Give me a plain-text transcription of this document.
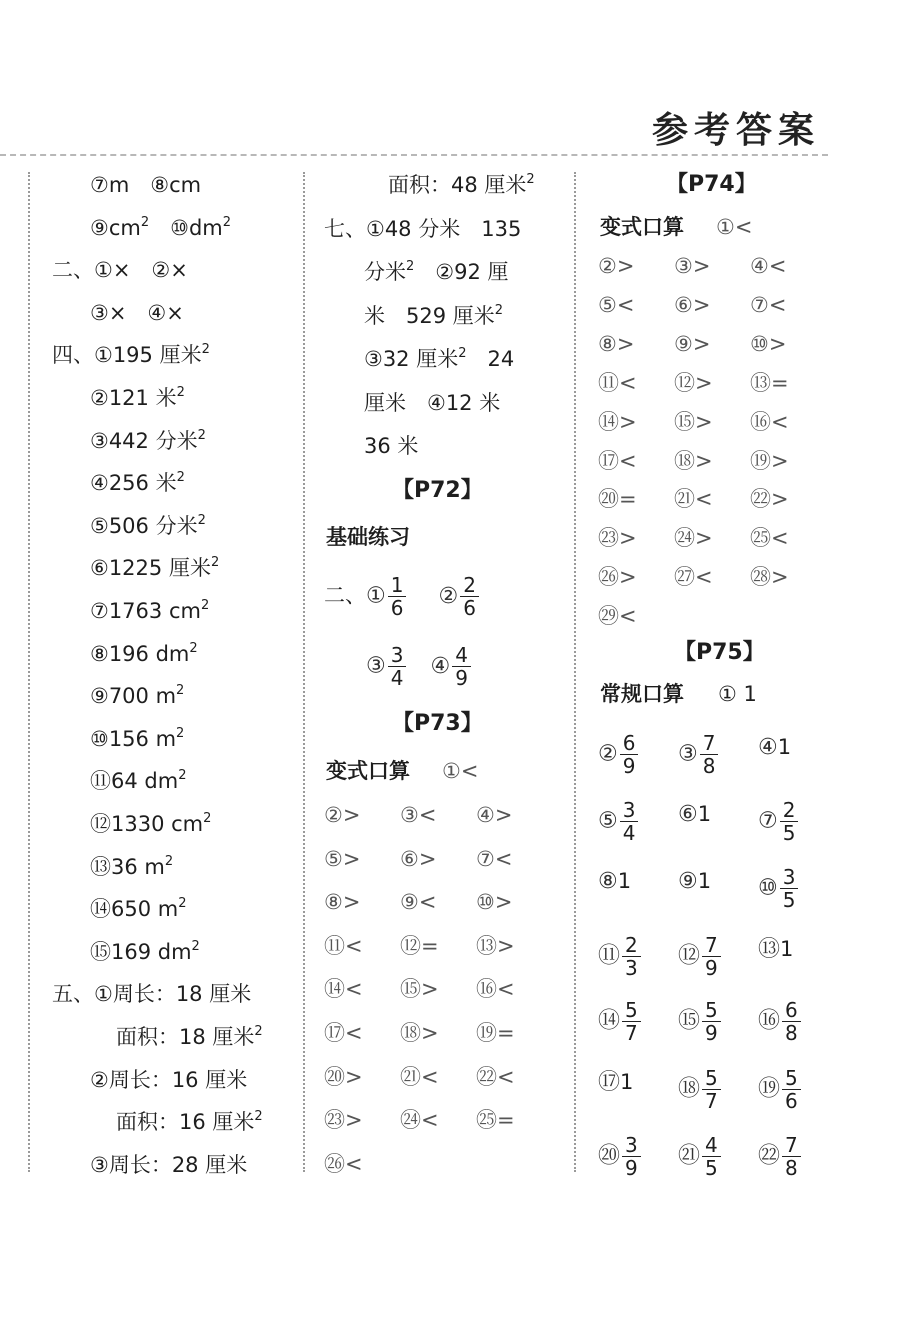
参考答案
⑦m　⑧cm
$⑨cm^2$　$⑩dm^2$
二、①×　②×
③×　④×
四、①195 厘米$^2$
②121 米$^2$
③442 分米$^2$
④256 米$^2$
⑤506 分米$^2$
⑥1225 厘米$^2$
⑦1763 $cm^2$
⑧196 $dm^2$
⑨700 $m^2$
⑩156 $m^2$
⑪64 $dm^2$
⑫1330 $cm^2$
⑬36 $m^2$
⑭650 $m^2$
⑮169 $dm^2$
五、①周长：18 厘米
面积：18 厘米$^2$
②周长：16 厘米
面积：16 厘米$^2$
③周长：28 厘米
面积：48 厘米$^2$
七、①48 分米　135
分米$^2$　②92 厘
米　529 厘米$^2$
③32 厘米$^2$　24
厘米　④12 米
36 米
【P72】
基础练习
二、① $\frac{1}{6}$ ② $\frac{2}{6}$
③ $\frac{3}{4}$ ④ $\frac{4}{9}$
【P73】
变式口算 ①<
②> ③< ④>
⑤> ⑥> ⑦<
⑧> ⑨< ⑩>
⑪< ⑫= ⑬>
⑭< ⑮> ⑯<
⑰< ⑱> ⑲=
⑳> ㉑< ㉒<
㉓> ㉔< ㉕=
㉖<
【P74】
变式口算 ①<
②> ③> ④<
⑤< ⑥> ⑦<
⑧> ⑨> ⑩>
⑪< ⑫> ⑬=
⑭> ⑮> ⑯<
⑰< ⑱> ⑲>
⑳= ㉑< ㉒>
㉓> ㉔> ㉕<
㉖> ㉗< ㉘>
㉙<
【P75】
常规口算 ① 1
② $\frac{6}{9}$ ③ $\frac{7}{8}$ ④1
⑤ $\frac{3}{4}$ ⑥1 ⑦ $\frac{2}{5}$
⑧1 ⑨1 ⑩ $\frac{3}{5}$
⑪ $\frac{2}{3}$ ⑫ $\frac{7}{9}$ ⑬1
⑭ $\frac{5}{7}$ ⑮ $\frac{5}{9}$ ⑯ $\frac{6}{8}$
⑰1 ⑱ $\frac{5}{7}$ ⑲ $\frac{5}{6}$
⑳ $\frac{3}{9}$ ㉑ $\frac{4}{5}$ ㉒ $\frac{7}{8}$
